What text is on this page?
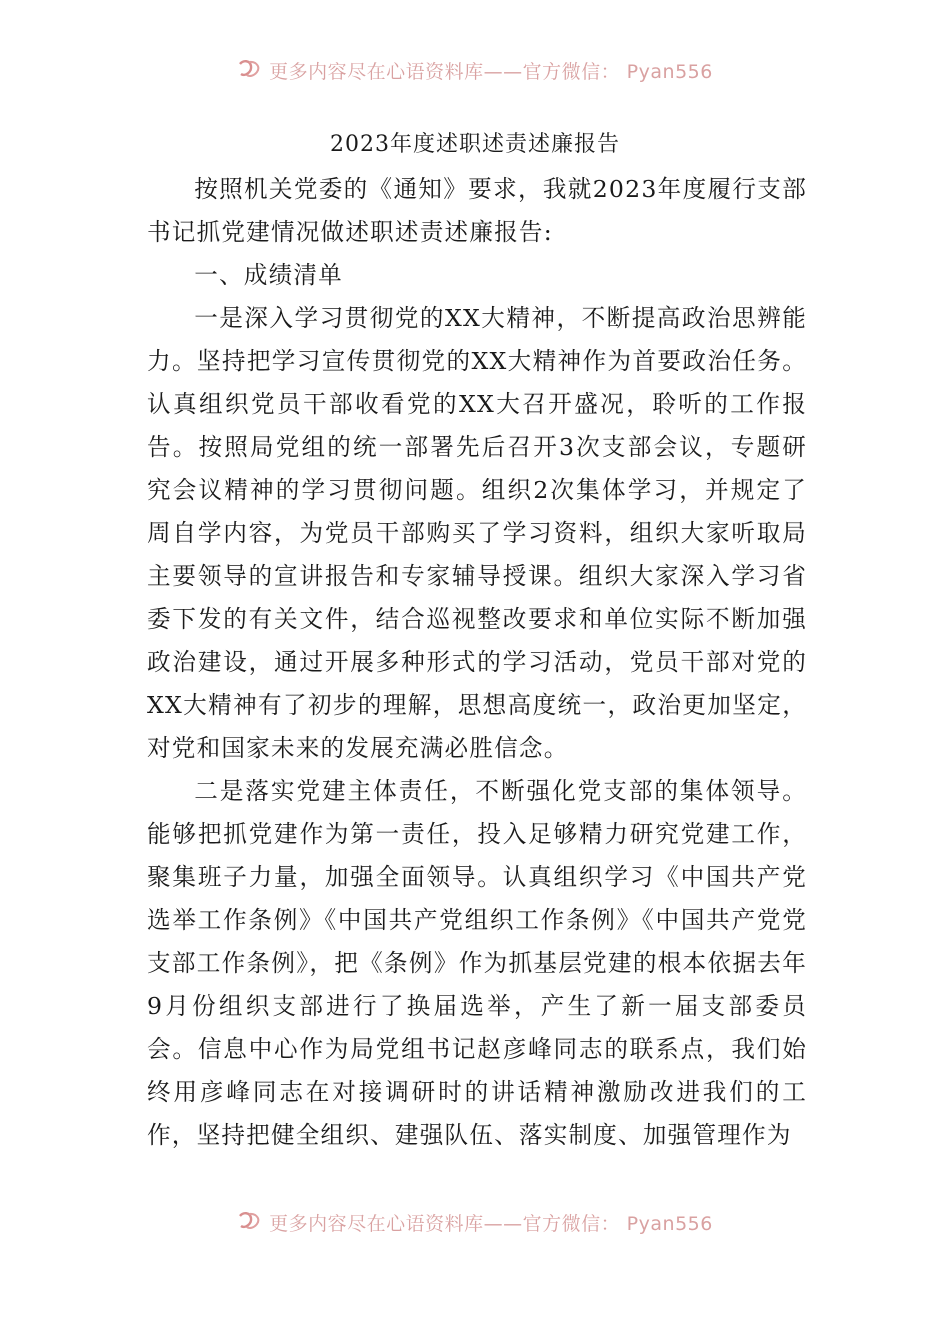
更多内容尽在心语资料库——官方微信： Pyan556
2023年度述职述责述廉报告

按照机关党委的《通知》要求，我就2023年度履行支部书记抓党建情况做述职述责述廉报告:

一、成绩清单

一是深入学习贯彻党的XX大精神，不断提高政治思辨能力。坚持把学习宣传贯彻党的XX大精神作为首要政治任务。认真组织党员干部收看党的XX大召开盛况，聆听的工作报告。按照局党组的统一部署先后召开3次支部会议，专题研究会议精神的学习贯彻问题。组织2次集体学习，并规定了周自学内容，为党员干部购买了学习资料，组织大家听取局主要领导的宣讲报告和专家辅导授课。组织大家深入学习省委下发的有关文件，结合巡视整改要求和单位实际不断加强政治建设，通过开展多种形式的学习活动，党员干部对党的XX大精神有了初步的理解，思想高度统一，政治更加坚定，对党和国家未来的发展充满必胜信念。

二是落实党建主体责任，不断强化党支部的集体领导。能够把抓党建作为第一责任，投入足够精力研究党建工作，聚集班子力量，加强全面领导。认真组织学习《中国共产党选举工作条例》《中国共产党组织工作条例》《中国共产党党支部工作条例》，把《条例》作为抓基层党建的根本依据去年9月份组织支部进行了换届选举，产生了新一届支部委员会。信息中心作为局党组书记赵彦峰同志的联系点，我们始终用彦峰同志在对接调研时的讲话精神激励改进我们的工作，坚持把健全组织、建强队伍、落实制度、加强管理作为

更多内容尽在心语资料库——官方微信： Pyan556
